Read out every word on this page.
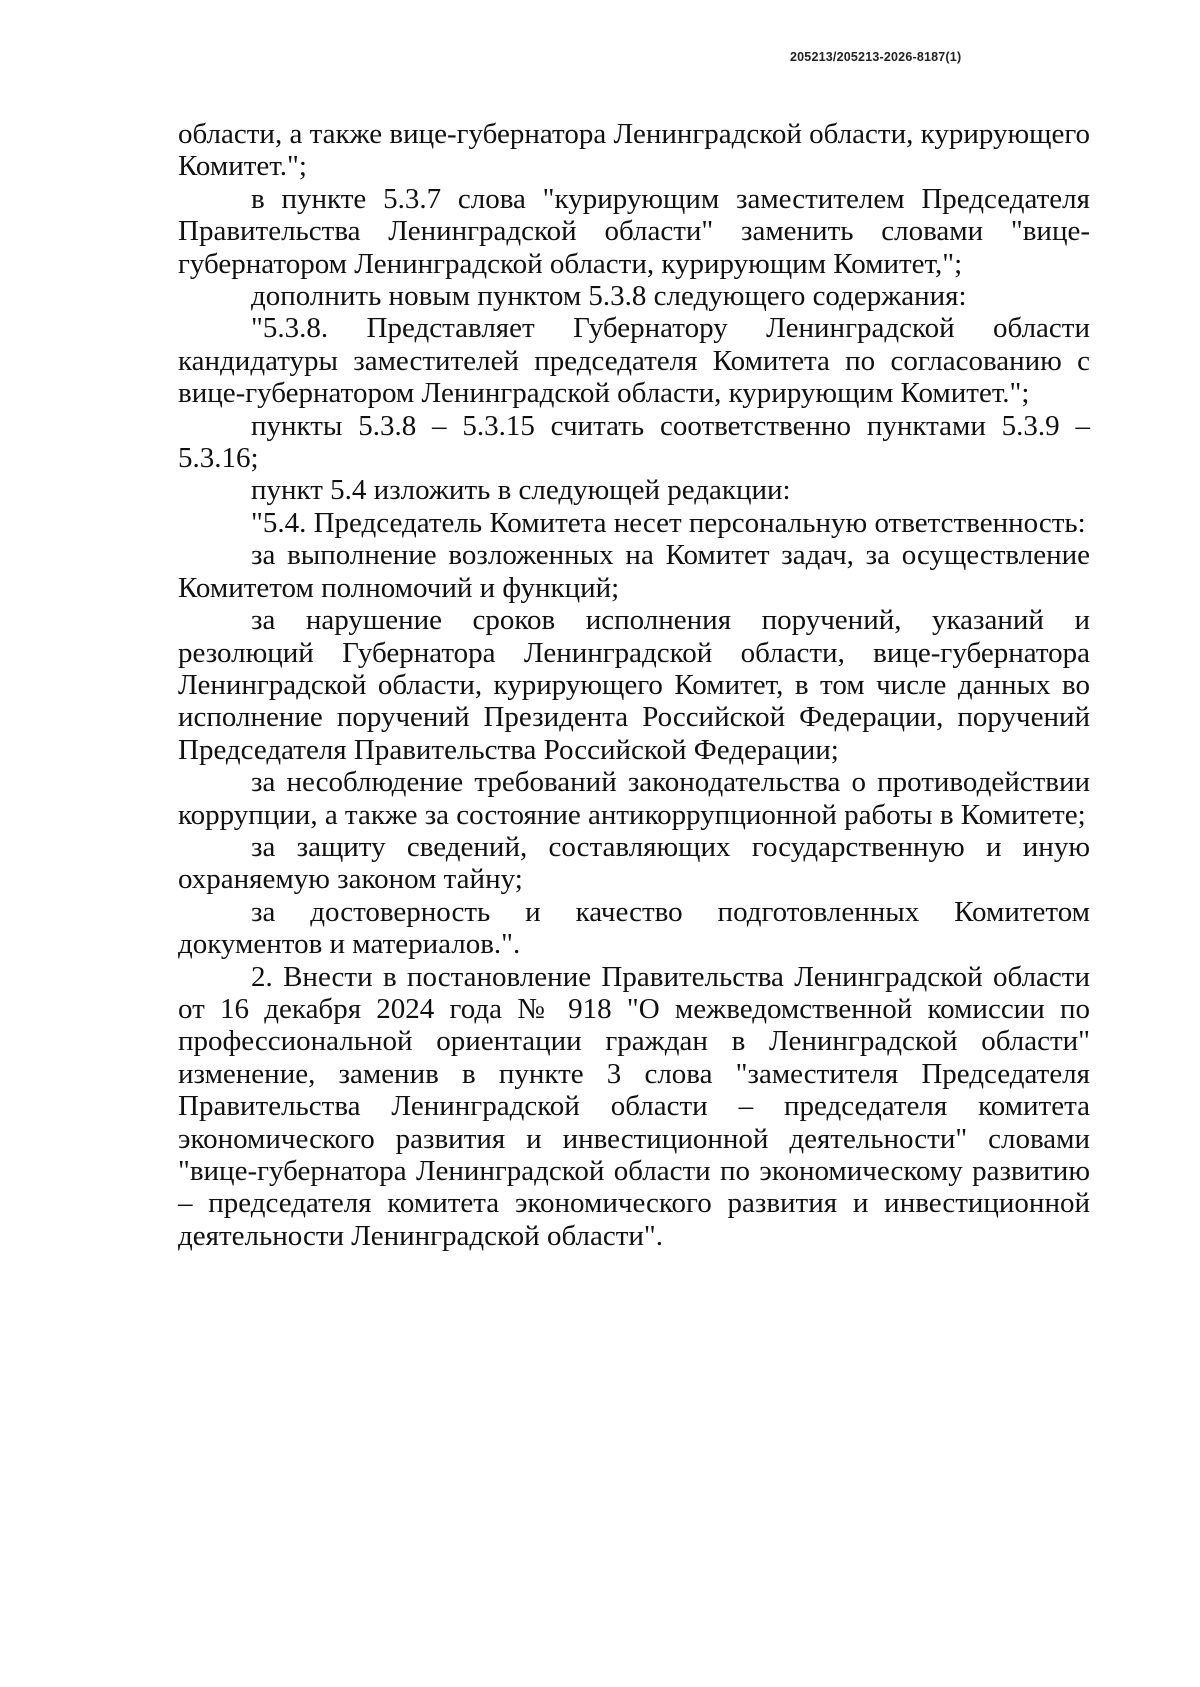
205213/205213-2026-8187(1)

области, а также вице-губернатора Ленинградской области, курирующего Комитет.";

в пункте 5.3.7 слова "курирующим заместителем Председателя Правительства Ленинградской области" заменить словами "вице-губернатором Ленинградской области, курирующим Комитет,";

дополнить новым пунктом 5.3.8 следующего содержания:

"5.3.8. Представляет Губернатору Ленинградской области кандидатуры заместителей председателя Комитета по согласованию с вице-губернатором Ленинградской области, курирующим Комитет.";

пункты 5.3.8 – 5.3.15 считать соответственно пунктами 5.3.9 – 5.3.16;

пункт 5.4 изложить в следующей редакции:

"5.4. Председатель Комитета несет персональную ответственность:

за выполнение возложенных на Комитет задач, за осуществление Комитетом полномочий и функций;

за нарушение сроков исполнения поручений, указаний и резолюций Губернатора Ленинградской области, вице-губернатора Ленинградской области, курирующего Комитет, в том числе данных во исполнение поручений Президента Российской Федерации, поручений Председателя Правительства Российской Федерации;

за несоблюдение требований законодательства о противодействии коррупции, а также за состояние антикоррупционной работы в Комитете;

за защиту сведений, составляющих государственную и иную охраняемую законом тайну;

за достоверность и качество подготовленных Комитетом документов и материалов.".

2. Внести в постановление Правительства Ленинградской области от 16 декабря 2024 года № 918 "О межведомственной комиссии по профессиональной ориентации граждан в Ленинградской области" изменение, заменив в пункте 3 слова "заместителя Председателя Правительства Ленинградской области – председателя комитета экономического развития и инвестиционной деятельности" словами "вице-губернатора Ленинградской области по экономическому развитию – председателя комитета экономического развития и инвестиционной деятельности Ленинградской области".
